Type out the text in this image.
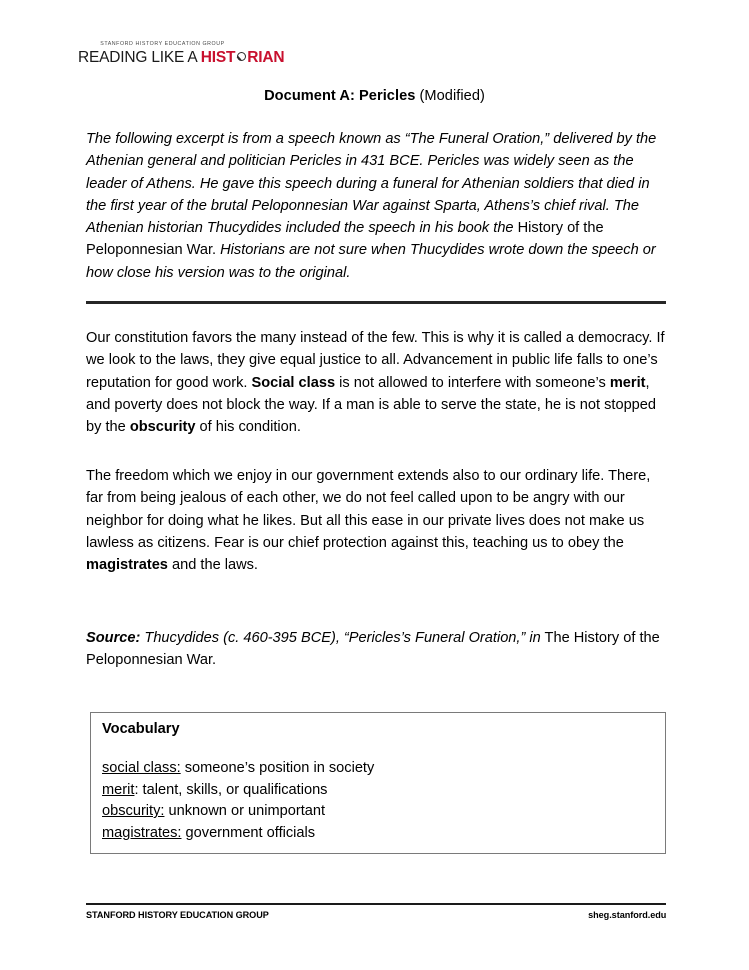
STANFORD HISTORY EDUCATION GROUP
READING LIKE A HIST RIAN
Document A: Pericles (Modified)
The following excerpt is from a speech known as “The Funeral Oration,” delivered by the Athenian general and politician Pericles in 431 BCE. Pericles was widely seen as the leader of Athens. He gave this speech during a funeral for Athenian soldiers that died in the first year of the brutal Peloponnesian War against Sparta, Athens’s chief rival. The Athenian historian Thucydides included the speech in his book the History of the Peloponnesian War. Historians are not sure when Thucydides wrote down the speech or how close his version was to the original.
Our constitution favors the many instead of the few. This is why it is called a democracy. If we look to the laws, they give equal justice to all. Advancement in public life falls to one’s reputation for good work. Social class is not allowed to interfere with someone’s merit, and poverty does not block the way. If a man is able to serve the state, he is not stopped by the obscurity of his condition.
The freedom which we enjoy in our government extends also to our ordinary life. There, far from being jealous of each other, we do not feel called upon to be angry with our neighbor for doing what he likes. But all this ease in our private lives does not make us lawless as citizens. Fear is our chief protection against this, teaching us to obey the magistrates and the laws.
Source: Thucydides (c. 460-395 BCE), “Pericles’s Funeral Oration,” in The History of the Peloponnesian War.
Vocabulary
social class: someone’s position in society
merit: talent, skills, or qualifications
obscurity: unknown or unimportant
magistrates: government officials
STANFORD HISTORY EDUCATION GROUP	sheg.stanford.edu
